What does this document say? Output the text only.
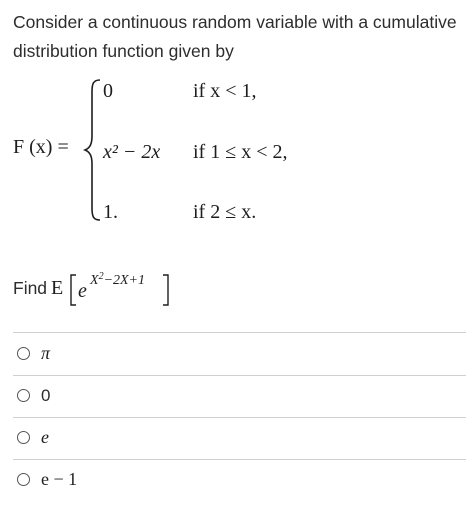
Consider a continuous random variable with a cumulative distribution function given by
F (x) =
0	if x < 1,
x² − 2x if 1 ≤ x < 2,
1.	if 2 ≤ x.
Find E e $X^2-2X+1$
π
0
e
e − 1
